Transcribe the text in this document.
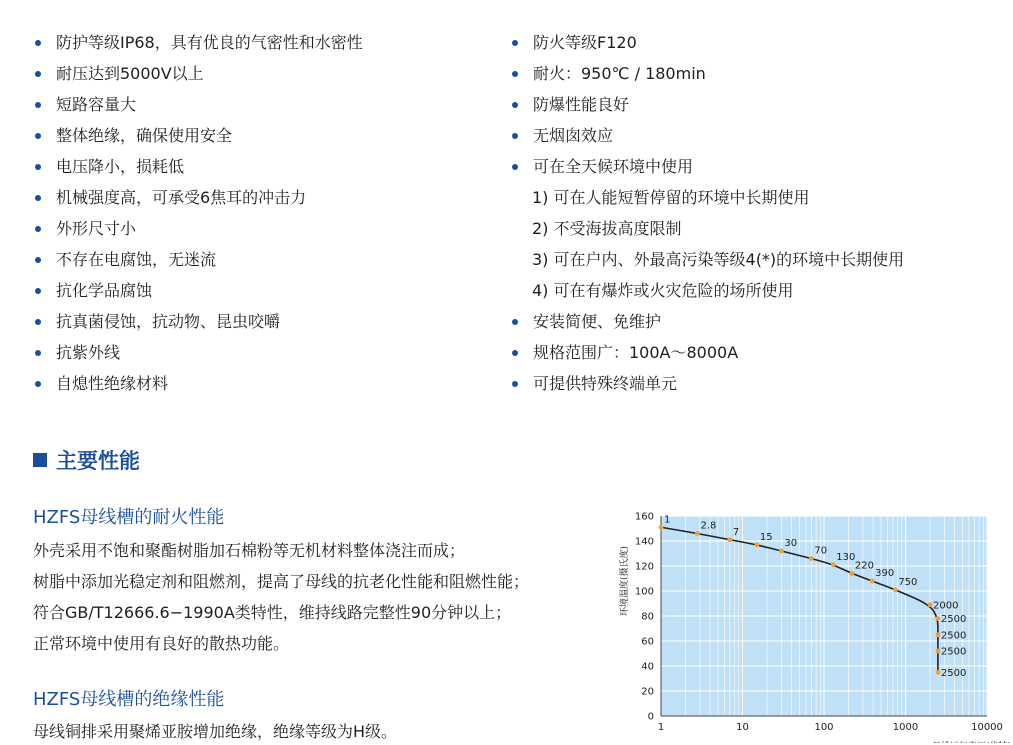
防护等级IP68，具有优良的气密性和水密性
耐压达到5000V以上
短路容量大
整体绝缘，确保使用安全
电压降小，损耗低
机械强度高，可承受6焦耳的冲击力
外形尺寸小
不存在电腐蚀，无迷流
抗化学品腐蚀
抗真菌侵蚀，抗动物、昆虫咬嚼
抗紫外线
自熄性绝缘材料
防火等级F120
耐火：950℃ / 180min
防爆性能良好
无烟囱效应
可在全天候环境中使用
1) 可在人能短暂停留的环境中长期使用
2) 不受海拔高度限制
3) 可在户内、外最高污染等级4(*)的环境中长期使用
4) 可在有爆炸或火灾危险的场所使用
安装简便、免维护
规格范围广：100A～8000A
可提供特殊终端单元
主要性能
HZFS母线槽的耐火性能
外壳采用不饱和聚酯树脂加石棉粉等无机材料整体浇注而成；
树脂中添加光稳定剂和阻燃剂，提高了母线的抗老化性能和阻燃性能；
符合GB/T12666.6−1990A类特性，维持线路完整性90分钟以上；
正常环境中使用有良好的散热功能。
HZFS母线槽的绝缘性能
母线铜排采用聚烯亚胺增加绝缘，绝缘等级为H级。
0
20
40
60
80
100
120
140
160
1	10	100	1000	10000
环境温度(摄氏度)
1
2.8
7 15
30
70
130
220
390
750
2000
2500
2500
2500
2500
